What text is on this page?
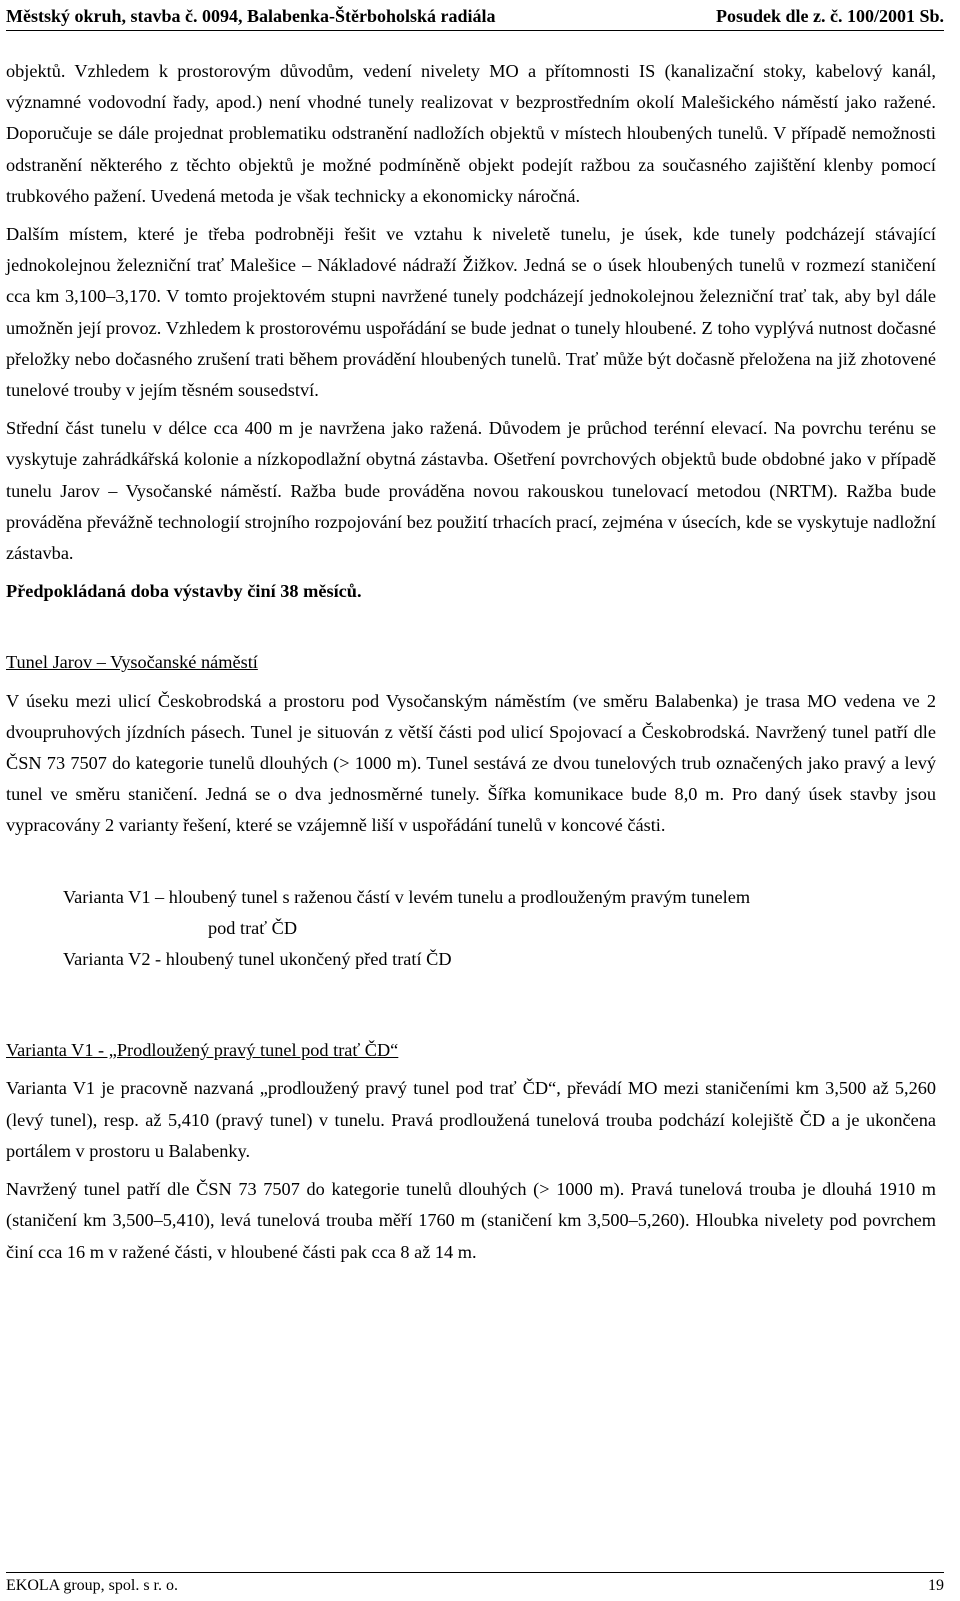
Městský okruh, stavba č. 0094, Balabenka-Štěrboholská radiála	Posudek dle z. č. 100/2001 Sb.

objektů. Vzhledem k prostorovým důvodům, vedení nivelety MO a přítomnosti IS (kanalizační stoky, kabelový kanál, významné vodovodní řady, apod.) není vhodné tunely realizovat v bezprostředním okolí Malešického náměstí jako ražené. Doporučuje se dále projednat problematiku odstranění nadložích objektů v místech hloubených tunelů. V případě nemožnosti odstranění některého z těchto objektů je možné podmíněně objekt podejít ražbou za současného zajištění klenby pomocí trubkového pažení. Uvedená metoda je však technicky a ekonomicky náročná.

Dalším místem, které je třeba podrobněji řešit ve vztahu k niveletě tunelu, je úsek, kde tunely podcházejí stávající jednokolejnou železniční trať Malešice – Nákladové nádraží Žižkov. Jedná se o úsek hloubených tunelů v rozmezí staničení cca km 3,100–3,170. V tomto projektovém stupni navržené tunely podcházejí jednokolejnou železniční trať tak, aby byl dále umožněn její provoz. Vzhledem k prostorovému uspořádání se bude jednat o tunely hloubené. Z toho vyplývá nutnost dočasné přeložky nebo dočasného zrušení trati během provádění hloubených tunelů. Trať může být dočasně přeložena na již zhotovené tunelové trouby v jejím těsném sousedství.

Střední část tunelu v délce cca 400 m je navržena jako ražená. Důvodem je průchod terénní elevací. Na povrchu terénu se vyskytuje zahrádkářská kolonie a nízkopodlažní obytná zástavba. Ošetření povrchových objektů bude obdobné jako v případě tunelu Jarov – Vysočanské náměstí. Ražba bude prováděna novou rakouskou tunelovací metodou (NRTM). Ražba bude prováděna převážně technologií strojního rozpojování bez použití trhacích prací, zejména v úsecích, kde se vyskytuje nadložní zástavba.

Předpokládaná doba výstavby činí 38 měsíců.

Tunel Jarov – Vysočanské náměstí

V úseku mezi ulicí Českobrodská a prostoru pod Vysočanským náměstím (ve směru Balabenka) je trasa MO vedena ve 2 dvoupruhových jízdních pásech. Tunel je situován z větší části pod ulicí Spojovací a Českobrodská. Navržený tunel patří dle ČSN 73 7507 do kategorie tunelů dlouhých (> 1000 m). Tunel sestává ze dvou tunelových trub označených jako pravý a levý tunel ve směru staničení. Jedná se o dva jednosměrné tunely. Šířka komunikace bude 8,0 m. Pro daný úsek stavby jsou vypracovány 2 varianty řešení, které se vzájemně liší v uspořádání tunelů v koncové části.

Varianta V1 – hloubený tunel s raženou částí v levém tunelu a prodlouženým pravým tunelem
pod trať ČD
Varianta V2 - hloubený tunel ukončený před tratí ČD

Varianta V1 - „Prodloužený pravý tunel pod trať ČD“

Varianta V1 je pracovně nazvaná „prodloužený pravý tunel pod trať ČD“, převádí MO mezi staničeními km 3,500 až 5,260 (levý tunel), resp. až 5,410 (pravý tunel) v tunelu. Pravá prodloužená tunelová trouba podchází kolejiště ČD a je ukončena portálem v prostoru u Balabenky.

Navržený tunel patří dle ČSN 73 7507 do kategorie tunelů dlouhých (> 1000 m). Pravá tunelová trouba je dlouhá 1910 m (staničení km 3,500–5,410), levá tunelová trouba měří 1760 m (staničení km 3,500–5,260). Hloubka nivelety pod povrchem činí cca 16 m v ražené části, v hloubené části pak cca 8 až 14 m.

EKOLA group, spol. s r. o.	19
